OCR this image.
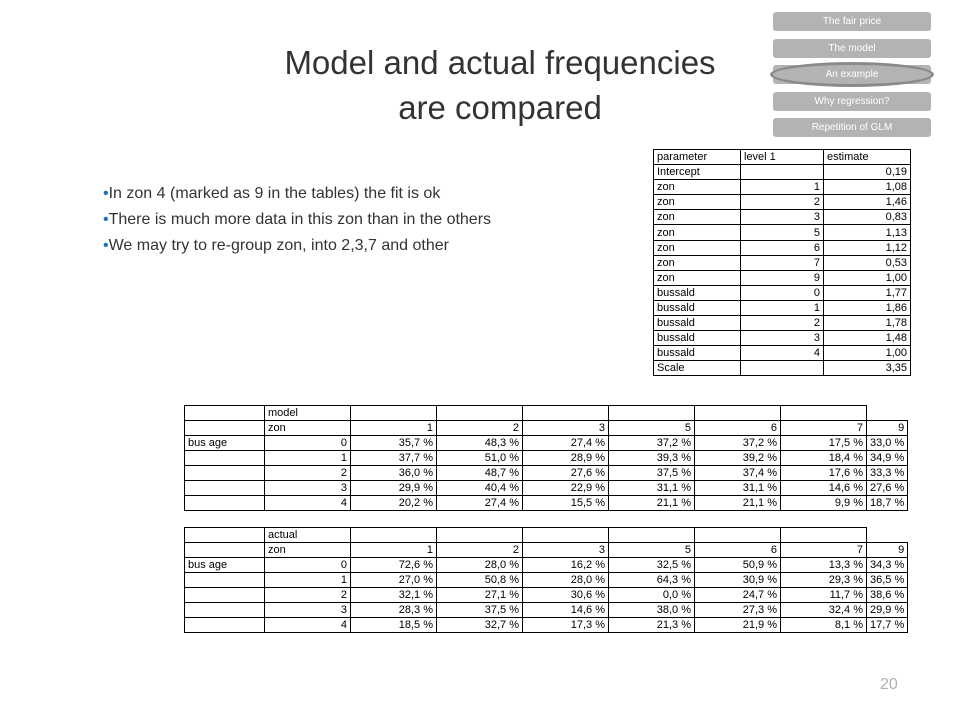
Model and actual frequencies
are compared
The fair price
The model
An example
Why regression?
Repetition of GLM
•In zon 4 (marked as 9 in the tables) the fit is ok
•There is much more data in this zon than in the others
•We may try to re-group zon, into 2,3,7 and other
parameter	level 1	estimate
Intercept		0,19
zon	1	1,08
zon	2	1,46
zon	3	0,83
zon	5	1,13
zon	6	1,12
zon	7	0,53
zon	9	1,00
bussald	0	1,77
bussald	1	1,86
bussald	2	1,78
bussald	3	1,48
bussald	4	1,00
Scale		3,35
	model							
	zon	1	2	3	5	6	7	9
bus age	0	35,7 %	48,3 %	27,4 %	37,2 %	37,2 %	17,5 %	33,0 %
	1	37,7 %	51,0 %	28,9 %	39,3 %	39,2 %	18,4 %	34,9 %
	2	36,0 %	48,7 %	27,6 %	37,5 %	37,4 %	17,6 %	33,3 %
	3	29,9 %	40,4 %	22,9 %	31,1 %	31,1 %	14,6 %	27,6 %
	4	20,2 %	27,4 %	15,5 %	21,1 %	21,1 %	9,9 %	18,7 %
	actual							
	zon	1	2	3	5	6	7	9
bus age	0	72,6 %	28,0 %	16,2 %	32,5 %	50,9 %	13,3 %	34,3 %
	1	27,0 %	50,8 %	28,0 %	64,3 %	30,9 %	29,3 %	36,5 %
	2	32,1 %	27,1 %	30,6 %	0,0 %	24,7 %	11,7 %	38,6 %
	3	28,3 %	37,5 %	14,6 %	38,0 %	27,3 %	32,4 %	29,9 %
	4	18,5 %	32,7 %	17,3 %	21,3 %	21,9 %	8,1 %	17,7 %
20
